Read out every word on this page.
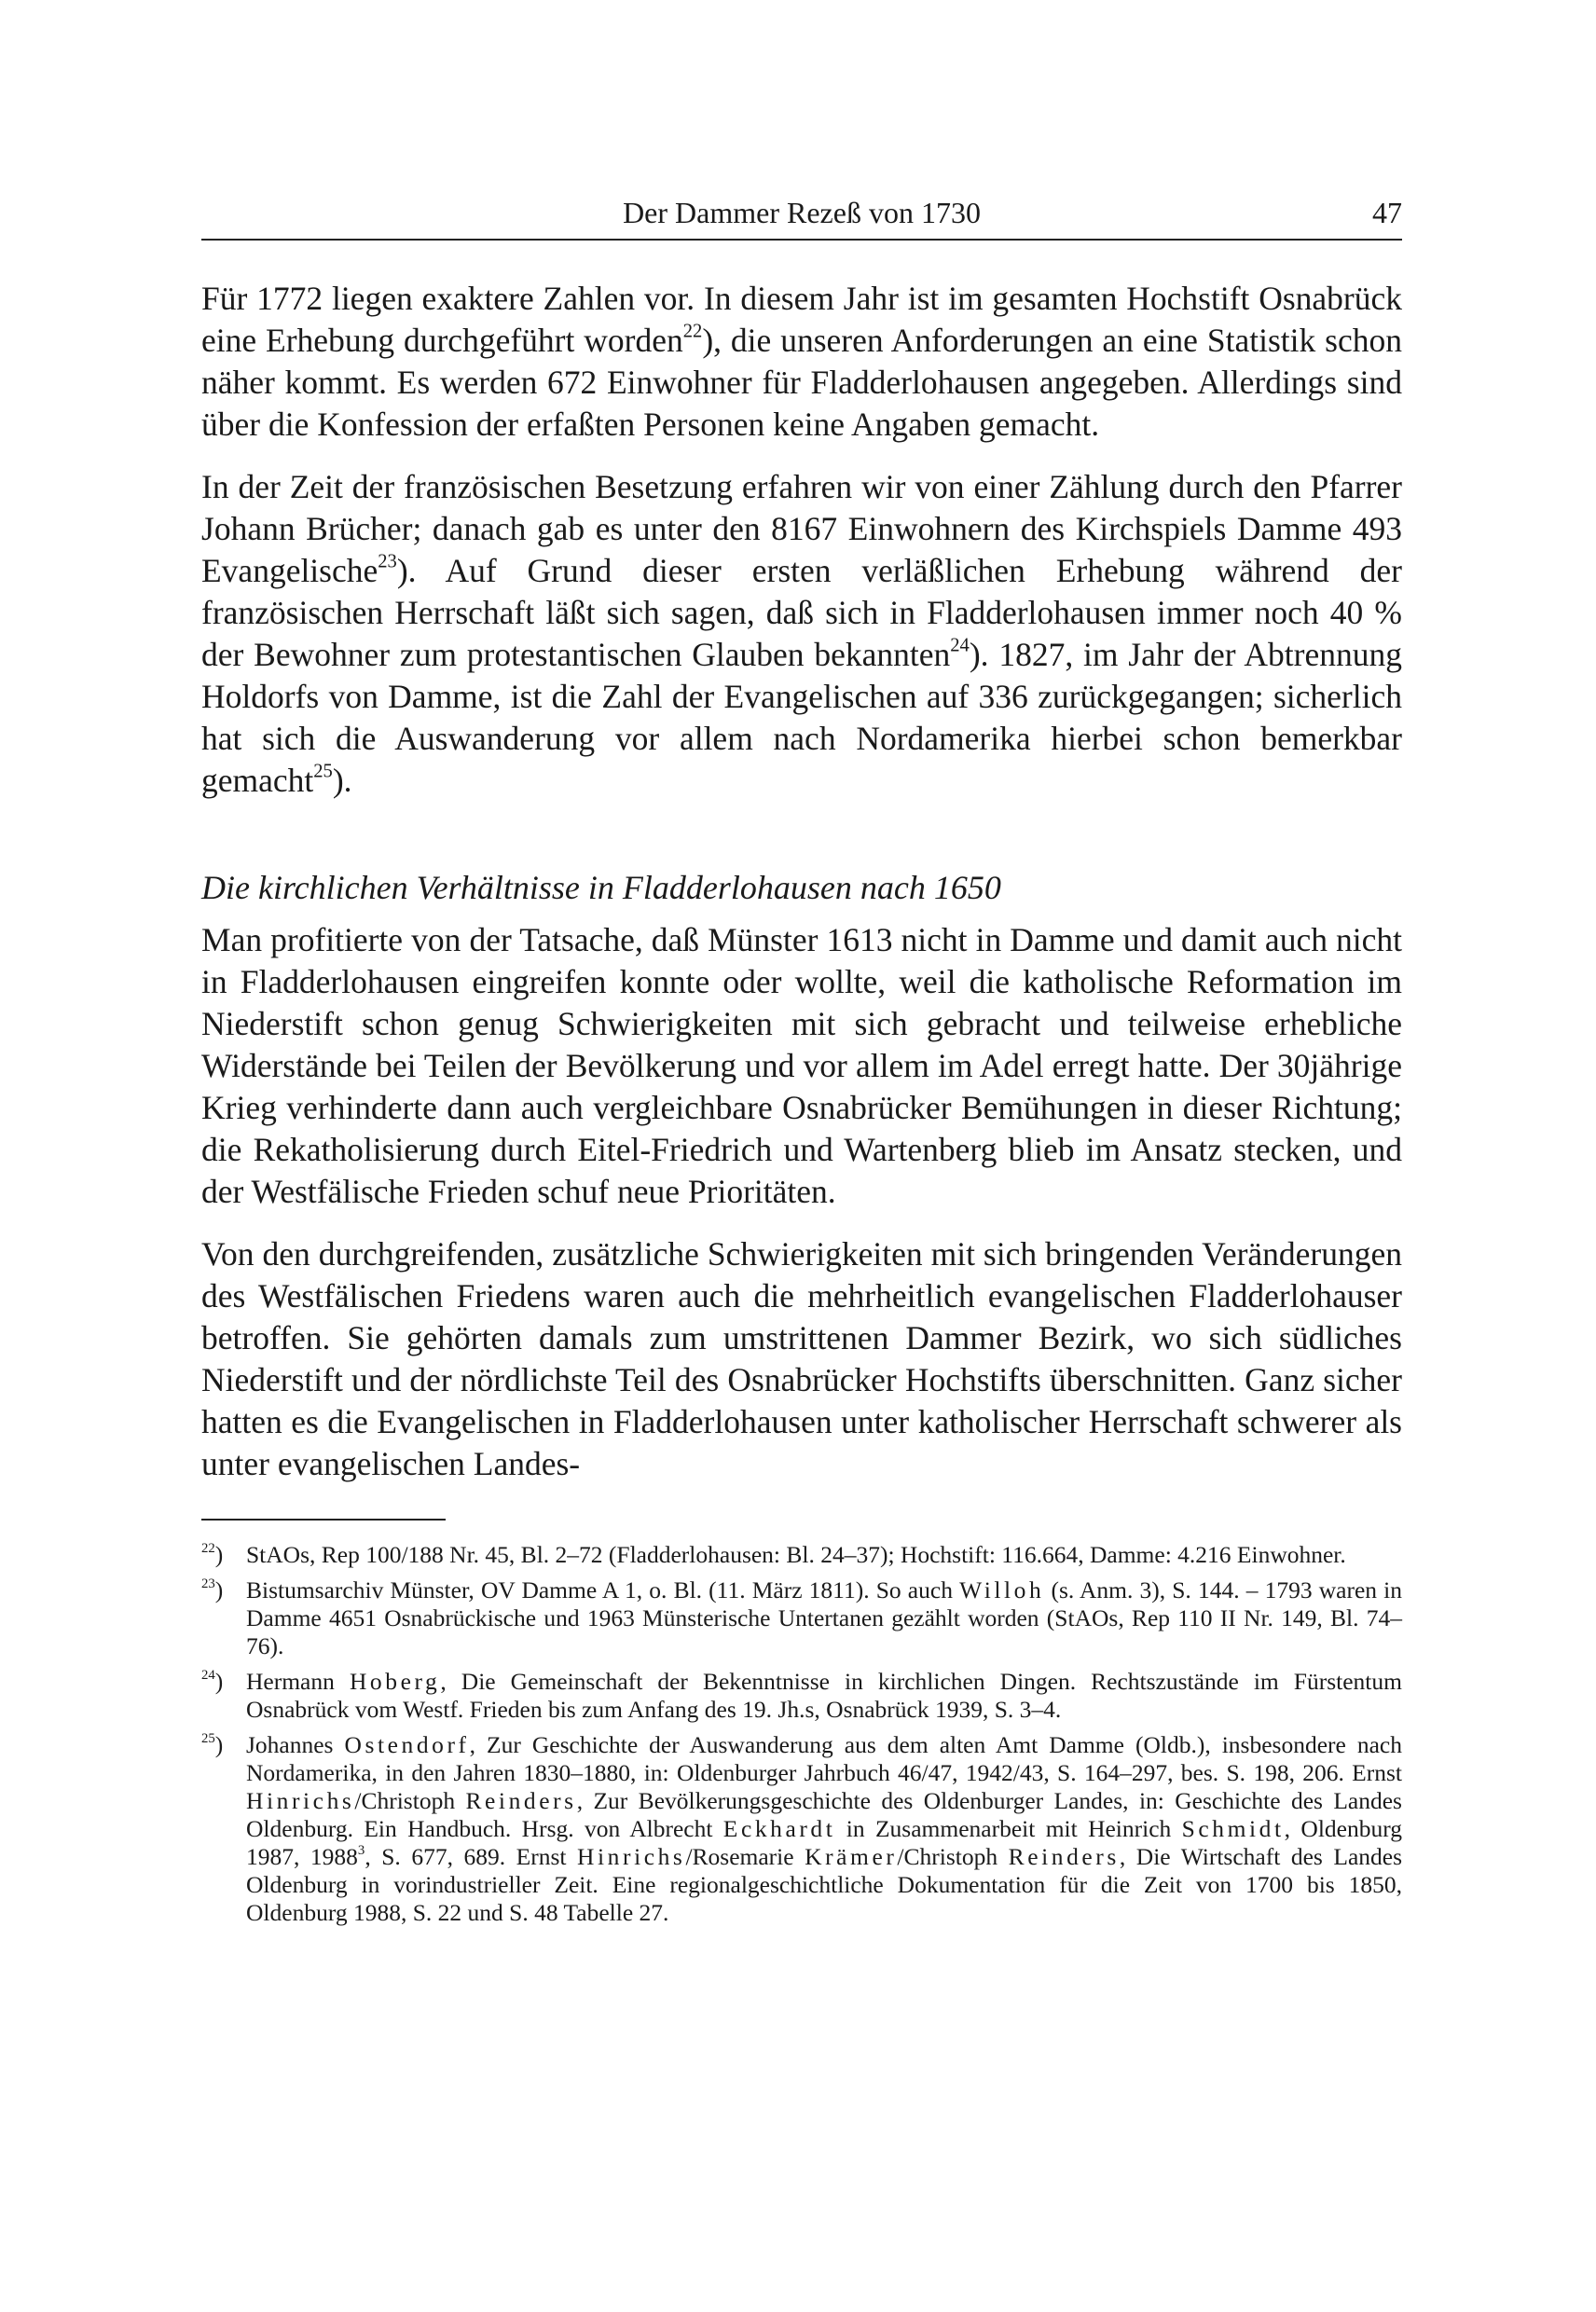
Der Dammer Rezeß von 1730	47

Für 1772 liegen exaktere Zahlen vor. In diesem Jahr ist im gesamten Hochstift Osnabrück eine Erhebung durchgeführt worden$^{22}$), die unseren Anforderungen an eine Statistik schon näher kommt. Es werden 672 Einwohner für Fladderlohausen angegeben. Allerdings sind über die Konfession der erfaßten Personen keine Angaben gemacht.

In der Zeit der französischen Besetzung erfahren wir von einer Zählung durch den Pfarrer Johann Brücher; danach gab es unter den 8167 Einwohnern des Kirchspiels Damme 493 Evangelische$^{23}$). Auf Grund dieser ersten verläßlichen Erhebung während der französischen Herrschaft läßt sich sagen, daß sich in Fladderlohausen immer noch 40 % der Bewohner zum protestantischen Glauben bekannten$^{24}$). 1827, im Jahr der Abtrennung Holdorfs von Damme, ist die Zahl der Evangelischen auf 336 zurückgegangen; sicherlich hat sich die Auswanderung vor allem nach Nordamerika hierbei schon bemerkbar gemacht$^{25}$).

Die kirchlichen Verhältnisse in Fladderlohausen nach 1650

Man profitierte von der Tatsache, daß Münster 1613 nicht in Damme und damit auch nicht in Fladderlohausen eingreifen konnte oder wollte, weil die katholische Reformation im Niederstift schon genug Schwierigkeiten mit sich gebracht und teilweise erhebliche Widerstände bei Teilen der Bevölkerung und vor allem im Adel erregt hatte. Der 30jährige Krieg verhinderte dann auch vergleichbare Osnabrücker Bemühungen in dieser Richtung; die Rekatholisierung durch Eitel-Friedrich und Wartenberg blieb im Ansatz stecken, und der Westfälische Frieden schuf neue Prioritäten.

Von den durchgreifenden, zusätzliche Schwierigkeiten mit sich bringenden Veränderungen des Westfälischen Friedens waren auch die mehrheitlich evangelischen Fladderlohauser betroffen. Sie gehörten damals zum umstrittenen Dammer Bezirk, wo sich südliches Niederstift und der nördlichste Teil des Osnabrücker Hochstifts überschnitten. Ganz sicher hatten es die Evangelischen in Fladderlohausen unter katholischer Herrschaft schwerer als unter evangelischen Landes-

$^{22}$) StAOs, Rep 100/188 Nr. 45, Bl. 2–72 (Fladderlohausen: Bl. 24–37); Hochstift: 116.664, Damme: 4.216 Einwohner.
$^{23}$) Bistumsarchiv Münster, OV Damme A 1, o. Bl. (11. März 1811). So auch Willoh (s. Anm. 3), S. 144. – 1793 waren in Damme 4651 Osnabrückische und 1963 Münsterische Untertanen gezählt worden (StAOs, Rep 110 II Nr. 149, Bl. 74–76).
$^{24}$) Hermann Hoberg, Die Gemeinschaft der Bekenntnisse in kirchlichen Dingen. Rechtszustände im Fürstentum Osnabrück vom Westf. Frieden bis zum Anfang des 19. Jh.s, Osnabrück 1939, S. 3–4.
$^{25}$) Johannes Ostendorf, Zur Geschichte der Auswanderung aus dem alten Amt Damme (Oldb.), insbesondere nach Nordamerika, in den Jahren 1830–1880, in: Oldenburger Jahrbuch 46/47, 1942/43, S. 164–297, bes. S. 198, 206. Ernst Hinrichs/Christoph Reinders, Zur Bevölkerungsgeschichte des Oldenburger Landes, in: Geschichte des Landes Oldenburg. Ein Handbuch. Hrsg. von Albrecht Eckhardt in Zusammenarbeit mit Heinrich Schmidt, Oldenburg 1987, 1988$^3$, S. 677, 689. Ernst Hinrichs/Rosemarie Krämer/Christoph Reinders, Die Wirtschaft des Landes Oldenburg in vorindustrieller Zeit. Eine regionalgeschichtliche Dokumentation für die Zeit von 1700 bis 1850, Oldenburg 1988, S. 22 und S. 48 Tabelle 27.
